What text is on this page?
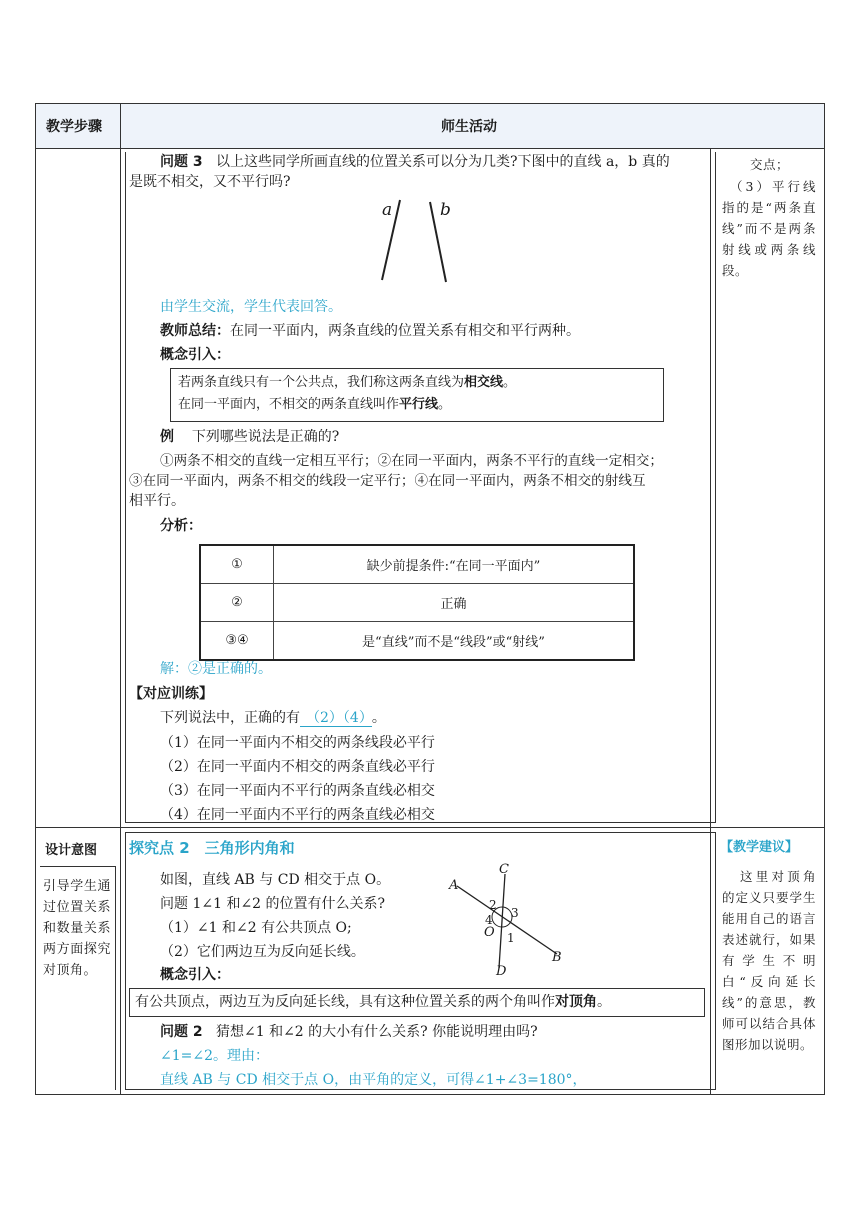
教学步骤	师生活动
问题 3 以上这些同学所画直线的位置关系可以分为几类?下图中的直线 a，b 真的
是既不相交，又不平行吗?
a	b
由学生交流，学生代表回答。
教师总结：在同一平面内，两条直线的位置关系有相交和平行两种。
概念引入：
若两条直线只有一个公共点，我们称这两条直线为相交线。
在同一平面内，不相交的两条直线叫作平行线。
例 下列哪些说法是正确的?
①两条不相交的直线一定相互平行；②在同一平面内，两条不平行的直线一定相交；
③在同一平面内，两条不相交的线段一定平行；④在同一平面内，两条不相交的射线互
相平行。
分析：
①	缺少前提条件:“在同一平面内”
②	正确
③④	是“直线”而不是“线段”或“射线”
解：②是正确的。
【对应训练】
下列说法中，正确的有 （2）（4） 。
（1）在同一平面内不相交的两条线段必平行
（2）在同一平面内不相交的两条直线必平行
（3）在同一平面内不平行的两条直线必相交
（4）在同一平面内不平行的两条直线必相交
交点；
（3）平行线指的是“两条直线”而不是两条射线或两条线段。
设计意图
引导学生通过位置关系和数量关系两方面探究对顶角。
探究点 2　三角形内角和
如图，直线 AB 与 CD 相交于点 O。
问题 1∠1 和∠2 的位置有什么关系?
（1）∠1 和∠2 有公共顶点 O;
（2）它们两边互为反向延长线。
A
C
2
3
4
O 1
B
D
概念引入：
有公共顶点，两边互为反向延长线，具有这种位置关系的两个角叫作对顶角。
问题 2 猜想∠1 和∠2 的大小有什么关系? 你能说明理由吗?
∠1=∠2。理由：
直线 AB 与 CD 相交于点 O，由平角的定义，可得∠1+∠3=180°，
【教学建议】
这里对顶角的定义只要学生能用自己的语言表述就行，如果有学生不明白“反向延长线”的意思，教师可以结合具体图形加以说明。
